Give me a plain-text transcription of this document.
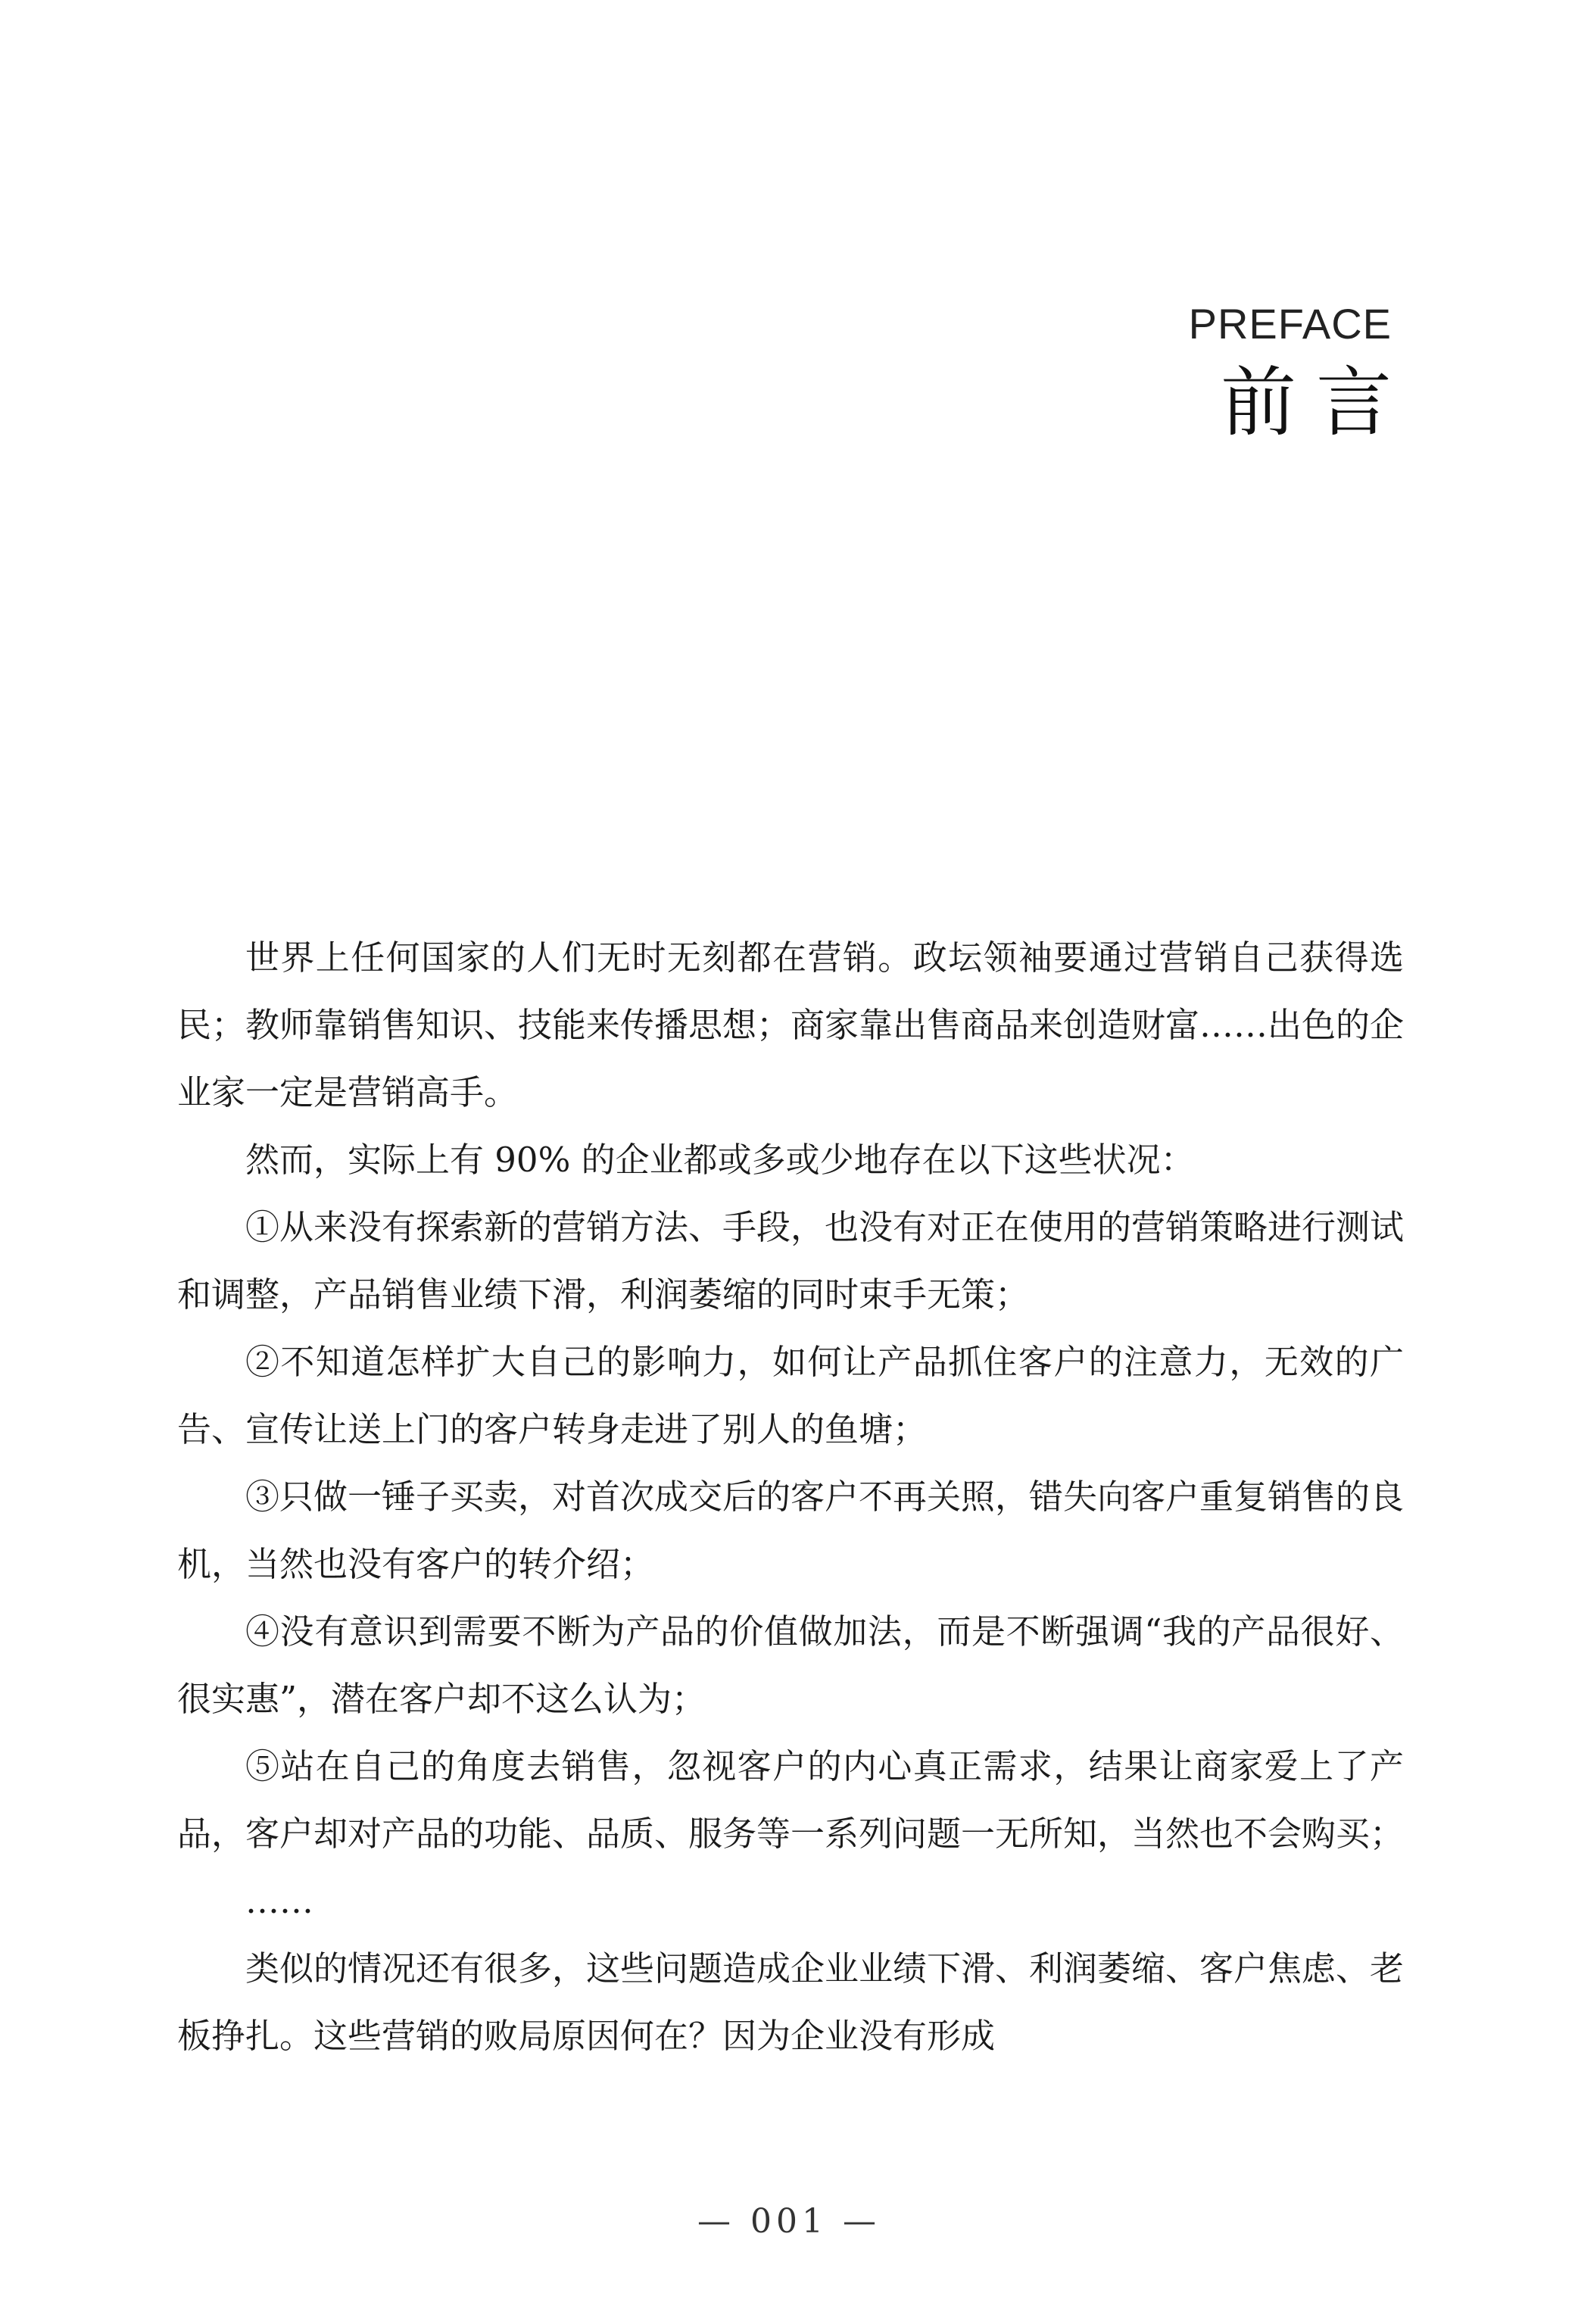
PREFACE
前言

世界上任何国家的人们无时无刻都在营销。政坛领袖要通过营销自己获得选民；教师靠销售知识、技能来传播思想；商家靠出售商品来创造财富……出色的企业家一定是营销高手。

然而，实际上有 90% 的企业都或多或少地存在以下这些状况：

①从来没有探索新的营销方法、手段，也没有对正在使用的营销策略进行测试和调整，产品销售业绩下滑，利润萎缩的同时束手无策；

②不知道怎样扩大自己的影响力，如何让产品抓住客户的注意力，无效的广告、宣传让送上门的客户转身走进了别人的鱼塘；

③只做一锤子买卖，对首次成交后的客户不再关照，错失向客户重复销售的良机，当然也没有客户的转介绍；

④没有意识到需要不断为产品的价值做加法，而是不断强调“我的产品很好、很实惠”，潜在客户却不这么认为；

⑤站在自己的角度去销售，忽视客户的内心真正需求，结果让商家爱上了产品，客户却对产品的功能、品质、服务等一系列问题一无所知，当然也不会购买；

……

类似的情况还有很多，这些问题造成企业业绩下滑、利润萎缩、客户焦虑、老板挣扎。这些营销的败局原因何在？因为企业没有形成

— 001 —
